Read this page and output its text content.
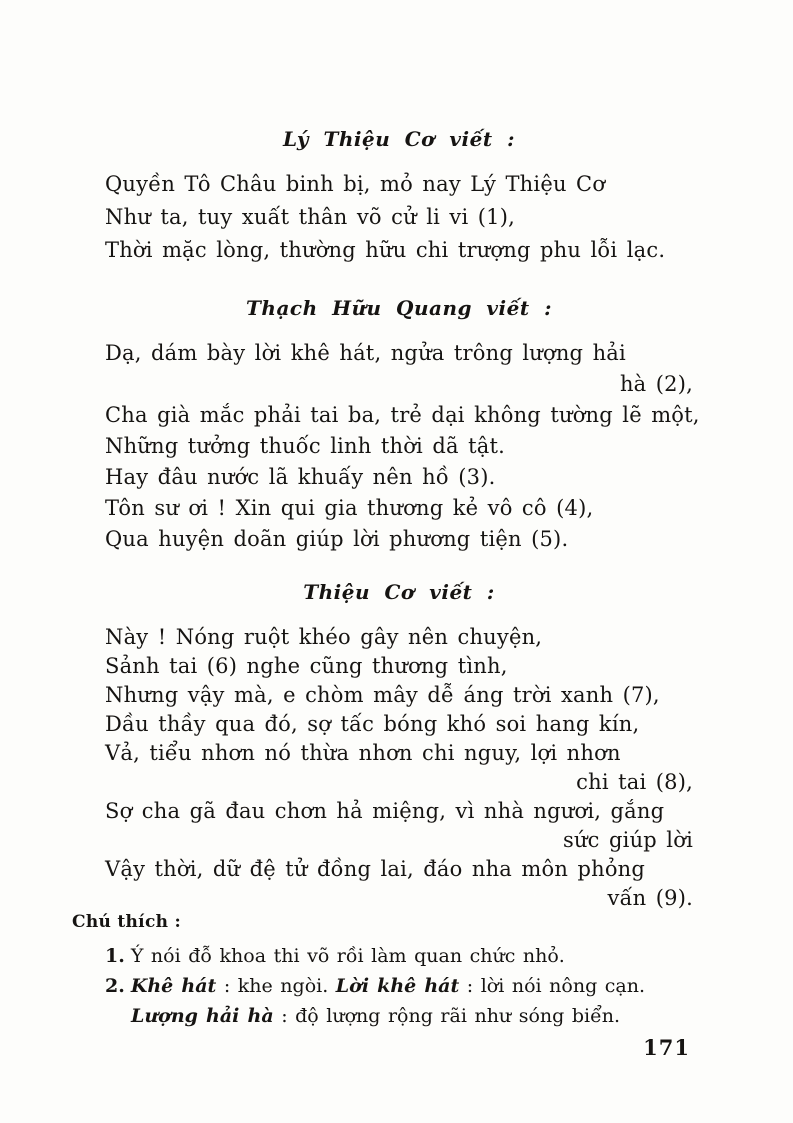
Lý Thiệu Cơ viết :
Quyền Tô Châu binh bị, mỏ nay Lý Thiệu Cơ
Như ta, tuy xuất thân võ cử li vi (1),
Thời mặc lòng, thường hữu chi trượng phu lỗi lạc.
Thạch Hữu Quang viết :
Dạ, dám bày lời khê hát, ngửa trông lượng hải
hà (2),
Cha già mắc phải tai ba, trẻ dại không tường lẽ một,
Những tưởng thuốc linh thời dã tật.
Hay đâu nước lã khuấy nên hồ (3).
Tôn sư ơi ! Xin qui gia thương kẻ vô cô (4),
Qua huyện doãn giúp lời phương tiện (5).
Thiệu Cơ viết :
Này ! Nóng ruột khéo gây nên chuyện,
Sảnh tai (6) nghe cũng thương tình,
Nhưng vậy mà, e chòm mây dễ áng trời xanh (7),
Dầu thầy qua đó, sợ tấc bóng khó soi hang kín,
Vả, tiểu nhơn nó thừa nhơn chi nguy, lợi nhơn
chi tai (8),
Sợ cha gã đau chơn hả miệng, vì nhà ngươi, gắng
sức giúp lời
Vậy thời, dữ đệ tử đồng lai, đáo nha môn phỏng
vấn (9).
Chú thích :
1. Ý nói đỗ khoa thi võ rồi làm quan chức nhỏ.
2. Khê hát : khe ngòi. Lời khê hát : lời nói nông cạn.
Lượng hải hà : độ lượng rộng rãi như sóng biển.
171
